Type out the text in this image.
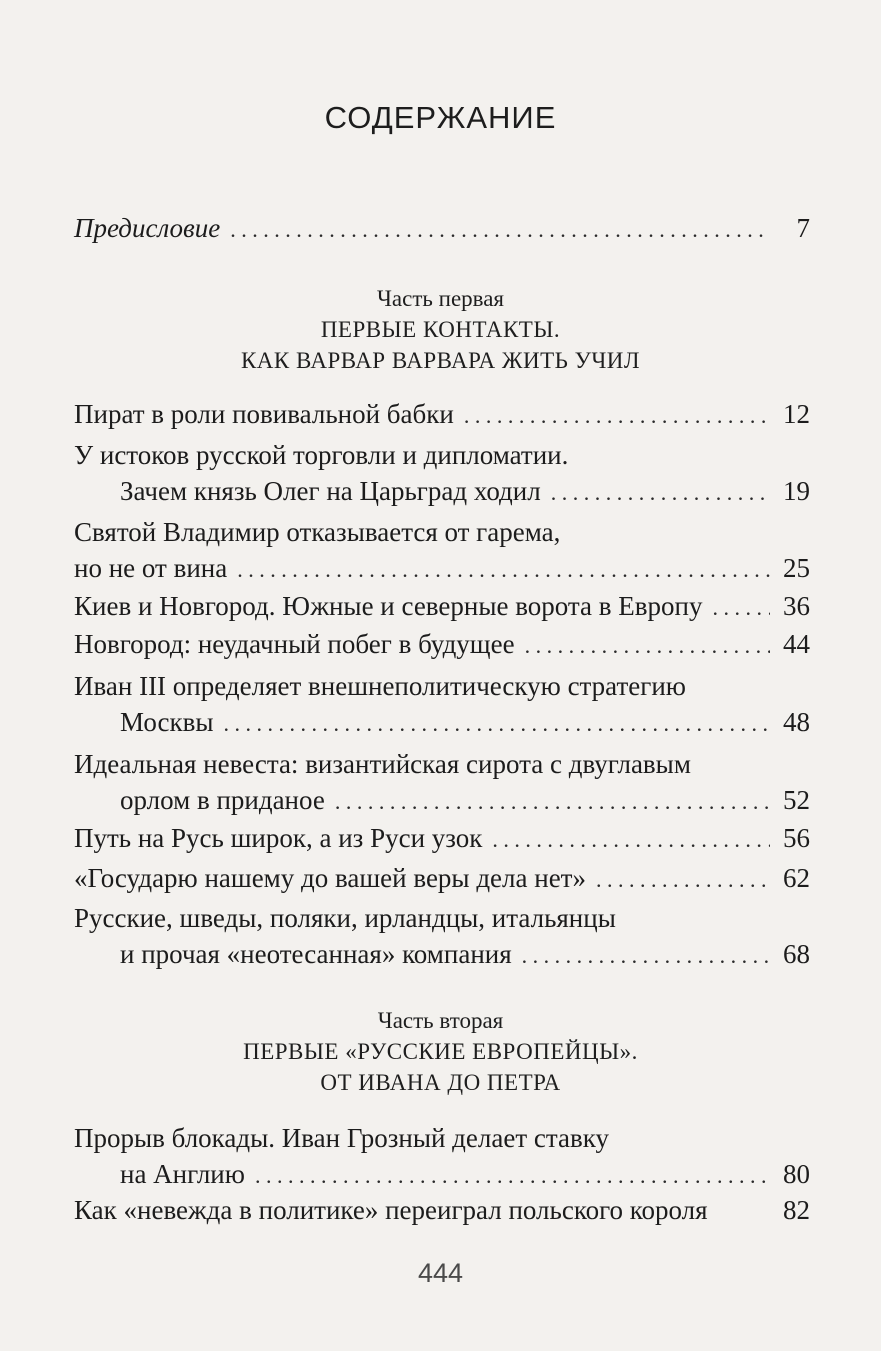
СОДЕРЖАНИЕ
Предисловие . . .	7
Часть первая
ПЕРВЫЕ КОНТАКТЫ.
КАК ВАРВАР ВАРВАРА ЖИТЬ УЧИЛ
Пират в роли повивальной бабки . . .	12
У истоков русской торговли и дипломатии.
Зачем князь Олег на Царьград ходил . . .	19
Святой Владимир отказывается от гарема,
но не от вина . . .	25
Киев и Новгород. Южные и северные ворота в Европу . . .	36
Новгород: неудачный побег в будущее . . .	44
Иван III определяет внешнеполитическую стратегию
Москвы . . .	48
Идеальная невеста: византийская сирота с двуглавым
орлом в приданое . . .	52
Путь на Русь широк, а из Руси узок . . .	56
«Государю нашему до вашей веры дела нет» . . .	62
Русские, шведы, поляки, ирландцы, итальянцы
и прочая «неотесанная» компания . . .	68
Часть вторая
ПЕРВЫЕ «РУССКИЕ ЕВРОПЕЙЦЫ».
ОТ ИВАНА ДО ПЕТРА
Прорыв блокады. Иван Грозный делает ставку
на Англию . . .	80
Как «невежда в политике» переиграл польского короля	82
444
